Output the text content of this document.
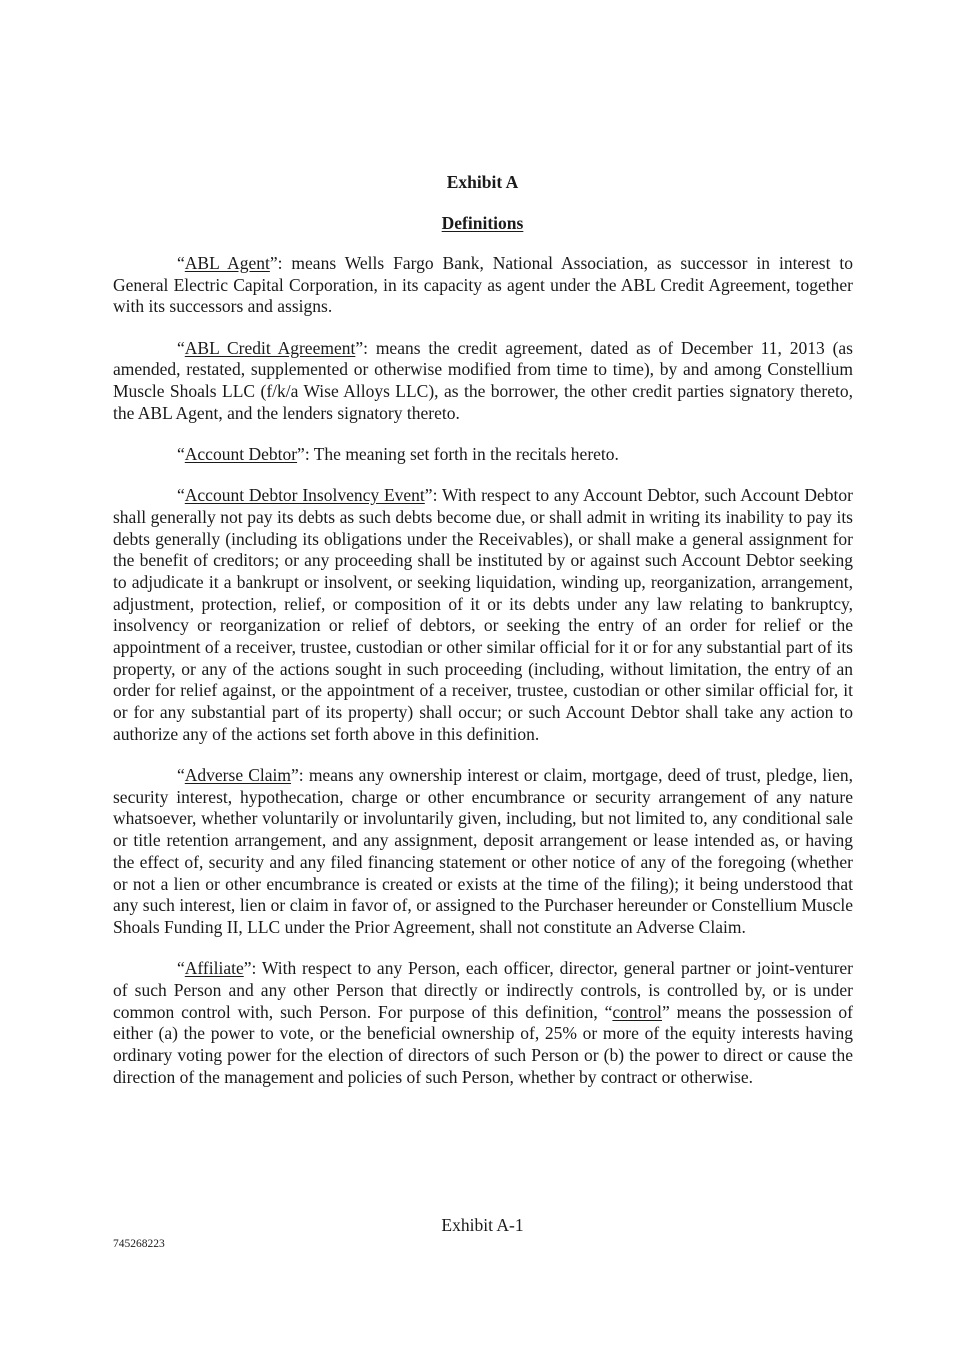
Exhibit A
Definitions

“ABL Agent”: means Wells Fargo Bank, National Association, as successor in interest to General Electric Capital Corporation, in its capacity as agent under the ABL Credit Agreement, together with its successors and assigns.

“ABL Credit Agreement”: means the credit agreement, dated as of December 11, 2013 (as amended, restated, supplemented or otherwise modified from time to time), by and among Constellium Muscle Shoals LLC (f/k/a Wise Alloys LLC), as the borrower, the other credit parties signatory thereto, the ABL Agent, and the lenders signatory thereto.

“Account Debtor”: The meaning set forth in the recitals hereto.

“Account Debtor Insolvency Event”: With respect to any Account Debtor, such Account Debtor shall generally not pay its debts as such debts become due, or shall admit in writing its inability to pay its debts generally (including its obligations under the Receivables), or shall make a general assignment for the benefit of creditors; or any proceeding shall be instituted by or against such Account Debtor seeking to adjudicate it a bankrupt or insolvent, or seeking liquidation, winding up, reorganization, arrangement, adjustment, protection, relief, or composition of it or its debts under any law relating to bankruptcy, insolvency or reorganization or relief of debtors, or seeking the entry of an order for relief or the appointment of a receiver, trustee, custodian or other similar official for it or for any substantial part of its property, or any of the actions sought in such proceeding (including, without limitation, the entry of an order for relief against, or the appointment of a receiver, trustee, custodian or other similar official for, it or for any substantial part of its property) shall occur; or such Account Debtor shall take any action to authorize any of the actions set forth above in this definition.

“Adverse Claim”: means any ownership interest or claim, mortgage, deed of trust, pledge, lien, security interest, hypothecation, charge or other encumbrance or security arrangement of any nature whatsoever, whether voluntarily or involuntarily given, including, but not limited to, any conditional sale or title retention arrangement, and any assignment, deposit arrangement or lease intended as, or having the effect of, security and any filed financing statement or other notice of any of the foregoing (whether or not a lien or other encumbrance is created or exists at the time of the filing); it being understood that any such interest, lien or claim in favor of, or assigned to the Purchaser hereunder or Constellium Muscle Shoals Funding II, LLC under the Prior Agreement, shall not constitute an Adverse Claim.

“Affiliate”: With respect to any Person, each officer, director, general partner or joint-venturer of such Person and any other Person that directly or indirectly controls, is controlled by, or is under common control with, such Person. For purpose of this definition, “control” means the possession of either (a) the power to vote, or the beneficial ownership of, 25% or more of the equity interests having ordinary voting power for the election of directors of such Person or (b) the power to direct or cause the direction of the management and policies of such Person, whether by contract or otherwise.

Exhibit A-1
745268223
